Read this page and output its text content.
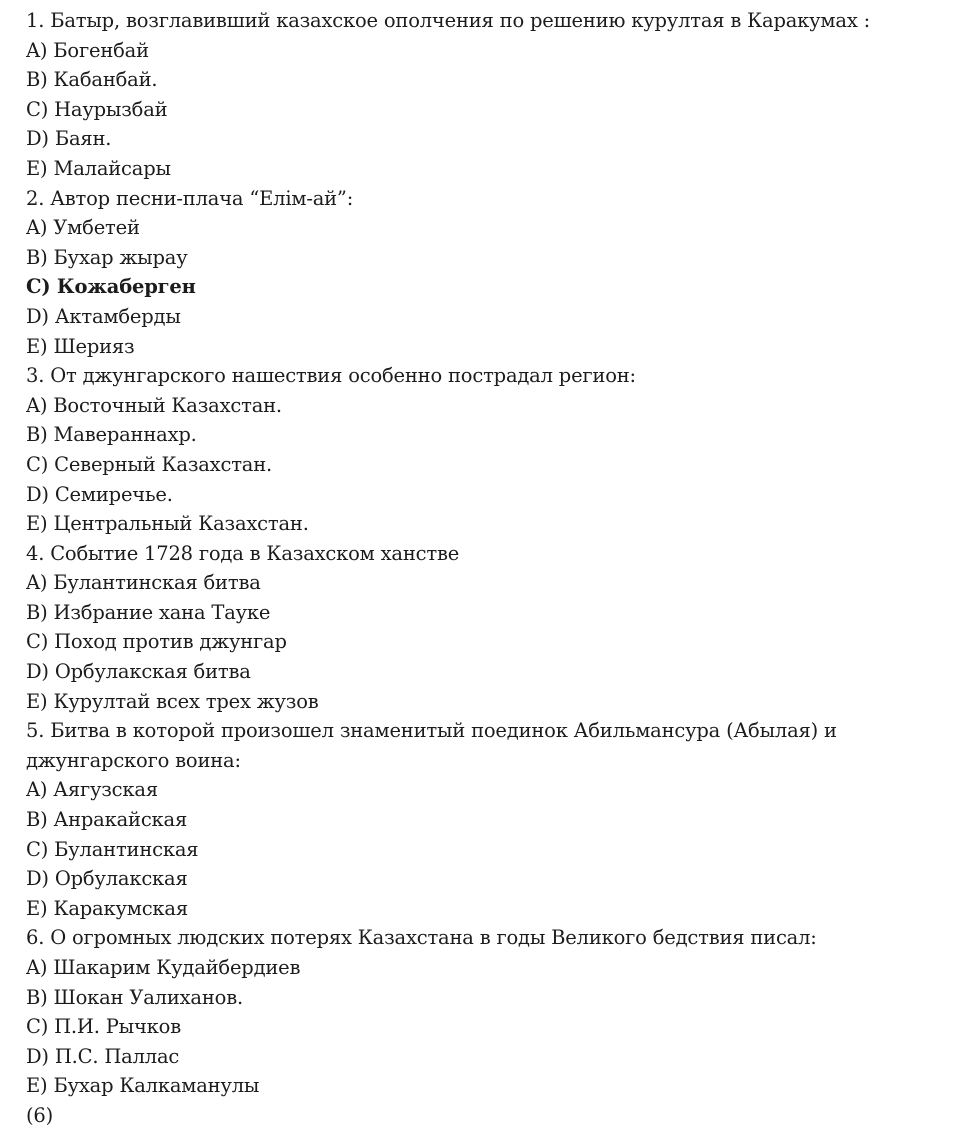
1. Батыр, возглавивший казахское ополчения по решению курултая в Каракумах :
A) Богенбай
B) Кабанбай.
C) Наурызбай
D) Баян.
E) Малайсары
2. Автор песни-плача “Елім-ай”:
A) Умбетей
B) Бухар жырау
C) Кожаберген
D) Актамберды
E) Шерияз
3. От джунгарского нашествия особенно пострадал регион:
A) Восточный Казахстан.
B) Мавераннахр.
C) Северный Казахстан.
D) Семиречье.
E) Центральный Казахстан.
4. Событие 1728 года в Казахском ханстве
A) Булантинская битва
B) Избрание хана Тауке
C) Поход против джунгар
D) Орбулакская битва
E) Курултай всех трех жузов
5. Битва в которой произошел знаменитый поединок Абильмансура (Абылая) и
джунгарского воина:
A) Аягузская
B) Анракайская
C) Булантинская
D) Орбулакская
E) Каракумская
6. О огромных людских потерях Казахстана в годы Великого бедствия писал:
A) Шакарим Кудайбердиев
B) Шокан Уалиханов.
C) П.И. Рычков
D) П.С. Паллас
E) Бухар Калкаманулы
(6)
